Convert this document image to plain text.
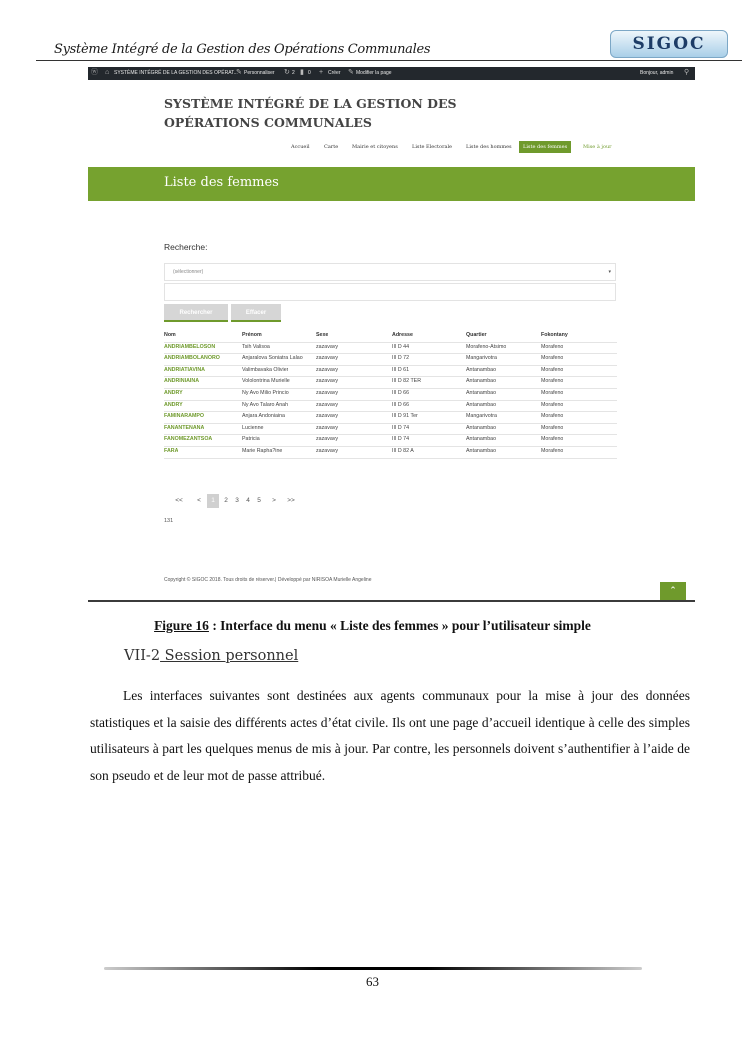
Système Intégré de la Gestion des Opérations Communales	SIGOC
ⓦ ⌂ SYSTÈME INTÉGRÉ DE LA GESTION DES OPÉRAT...
✎ Personnaliser ↻ 2 ▮ 0 + Créer ✎ Modifier la page	Bonjour, admin ⚲
SYSTÈME INTÉGRÉ DE LA GESTION DES OPÉRATIONS COMMUNALES
Accueil	Carte	Mairie et citoyens	Liste Electorale	Liste des hommes	Liste des femmes	Mise à jour
Liste des femmes
Recherche:
(sélectionner)	▾
Rechercher	Effacer
Nom	Prénom	Sexe	Adresse	Quartier	Fokontany
ANDRIAMBELOSON	Tsih Valisoa	zazavavy	III D 44	Morafeno-Atsimo	Morafeno
ANDRIAMBOLANORO	Anjaralova Soniatra Lalao	zazavavy	III D 72	Mangarivotra	Morafeno
ANDRIATIAVINA	Valimbavaka Olivier	zazavavy	III D 61	Antanambao	Morafeno
ANDRINIAINA	Vololontrina Murielle	zazavavy	III D 82 TER	Antanambao	Morafeno
ANDRY	Ny Avo Milio Princio	zazavavy	III D 66	Antanambao	Morafeno
ANDRY	Ny Avo Talaro Anah	zazavavy	III D 66	Antanambao	Morafeno
FAMINARAMPO	Anjara Andoniaina	zazavavy	III D 91 Ter	Mangarivotra	Morafeno
FANANTENANA	Lucienne	zazavavy	III D 74	Antanambao	Morafeno
FANOMEZANTSOA	Patricia	zazavavy	III D 74	Antanambao	Morafeno
FARA	Marie Rapha?ine	zazavavy	III D 82 A	Antanambao	Morafeno
<<	<	1	2	3	4	5	>	>>
131
Copyright © SIGOC 2018. Tous droits de réserver.| Développé par NIRISOA Murielle Angeline
⌃
Figure 16 : Interface du menu « Liste des femmes » pour l’utilisateur simple
VII-2 Session personnel
Les interfaces suivantes sont destinées aux agents communaux pour la mise à jour des données statistiques et la saisie des différents actes d’état civile. Ils ont une page d’accueil identique à celle des simples utilisateurs à part les quelques menus de mis à jour. Par contre, les personnels doivent s’authentifier à l’aide de son pseudo et de leur mot de passe attribué.
63
